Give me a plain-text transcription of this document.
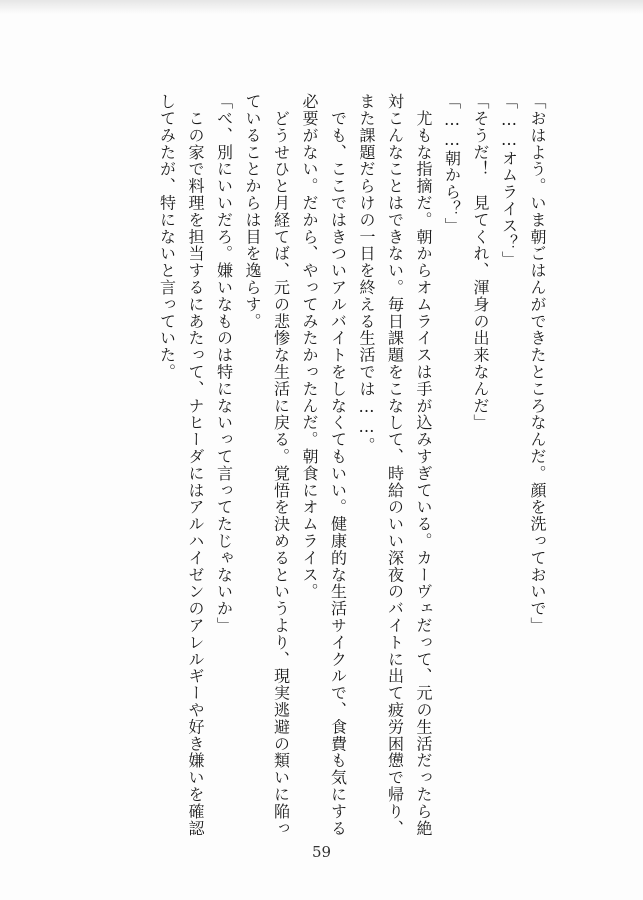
「おはよう。いま朝ごはんができたところなんだ。顔を洗っておいで」
「……オムライス？」
「そうだ！　見てくれ、渾身の出来なんだ」
「……朝から？」
　尤もな指摘だ。朝からオムライスは手が込みすぎている。カーヴェだって、元の生活だったら絶
対こんなことはできない。毎日課題をこなして、時給のいい深夜のバイトに出て疲労困憊で帰り、
また課題だらけの一日を終える生活では……。
　でも、ここではきついアルバイトをしなくてもいい。健康的な生活サイクルで、食費も気にする
必要がない。だから、やってみたかったんだ。朝食にオムライス。
　どうせひと月経てば、元の悲惨な生活に戻る。覚悟を決めるというより、現実逃避の類いに陥っ
ていることからは目を逸らす。
「べ、別にいいだろ。嫌いなものは特にないって言ってたじゃないか」
　この家で料理を担当するにあたって、ナヒーダにはアルハイゼンのアレルギーや好き嫌いを確認
してみたが、特にないと言っていた。
59
